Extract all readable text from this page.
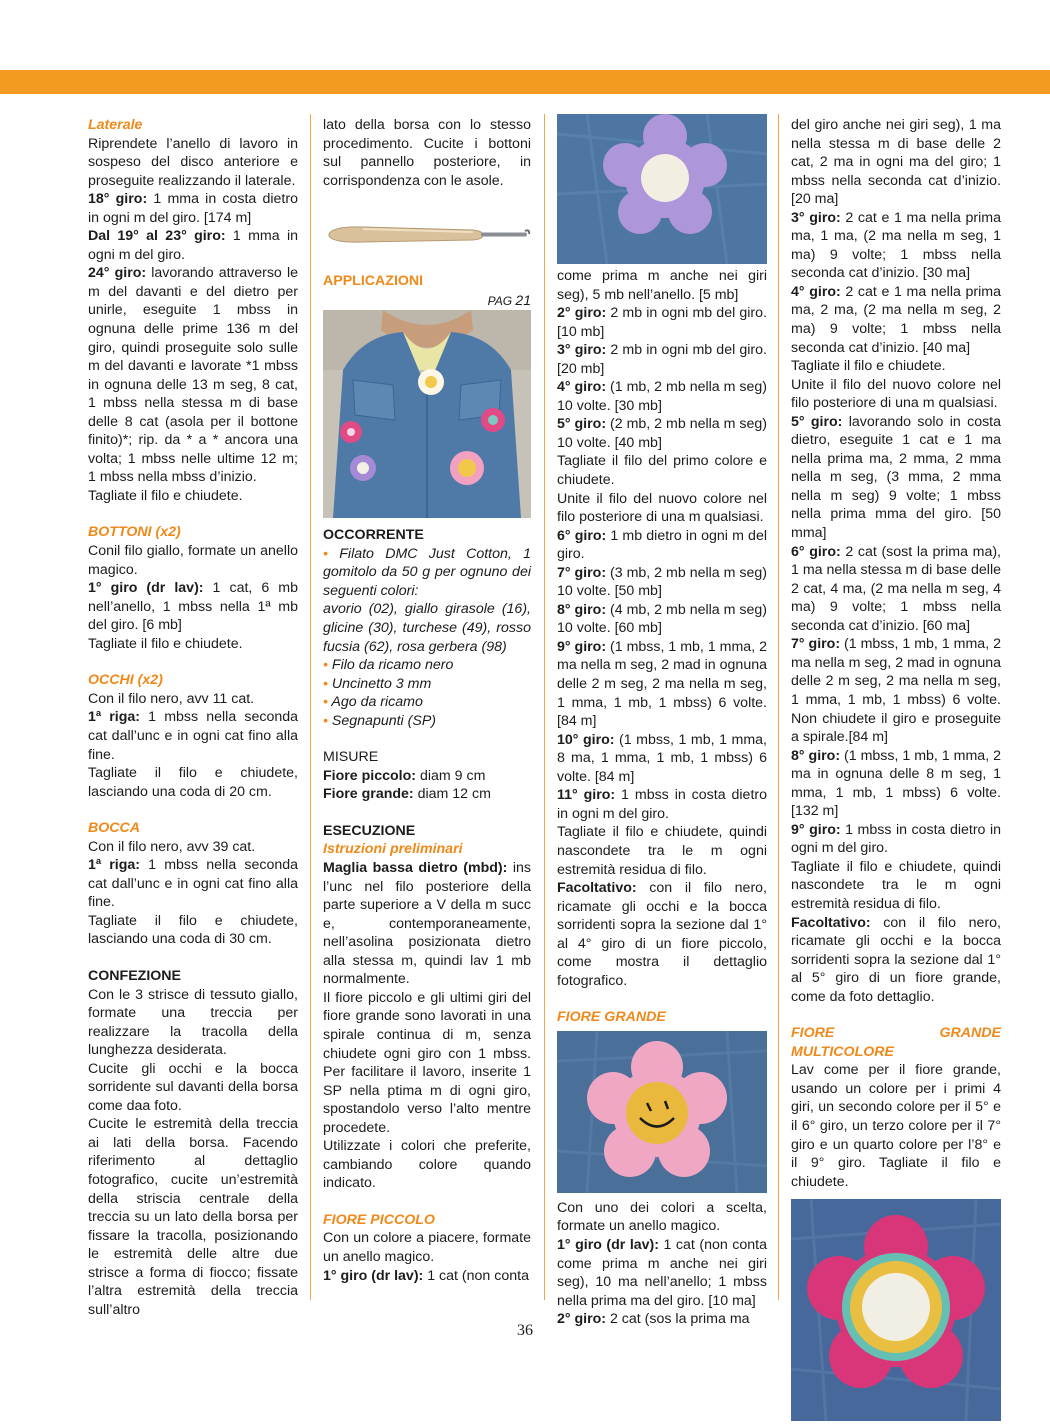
Laterale

Riprendete l’anello di lavoro in sospeso del disco anteriore e proseguite realizzando il laterale.

18° giro: 1 mma in costa dietro in ogni m del giro. [174 m]

Dal 19° al 23° giro: 1 mma in ogni m del giro.

24° giro: lavorando attraverso le m del davanti e del dietro per unirle, eseguite 1 mbss in ognuna delle prime 136 m del giro, quindi proseguite solo sulle m del davanti e lavorate *1 mbss in ognuna delle 13 m seg, 8 cat, 1 mbss nella stessa m di base delle 8 cat (asola per il bottone finito)*; rip. da * a * ancora una volta; 1 mbss nelle ultime 12 m; 1 mbss nella mbss d’inizio.

Tagliate il filo e chiudete.

BOTTONI (x2)

Conil filo giallo, formate un anello magico.

1° giro (dr lav): 1 cat, 6 mb nell’anello, 1 mbss nella 1ª mb del giro. [6 mb]

Tagliate il filo e chiudete.

OCCHI (x2)

Con il filo nero, avv 11 cat.

1ª riga: 1 mbss nella seconda cat dall’unc e in ogni cat fino alla fine.

Tagliate il filo e chiudete, lasciando una coda di 20 cm.

BOCCA

Con il filo nero, avv 39 cat.

1ª riga: 1 mbss nella seconda cat dall’unc e in ogni cat fino alla fine.

Tagliate il filo e chiudete, lasciando una coda di 30 cm.

CONFEZIONE

Con le 3 strisce di tessuto giallo, formate una treccia per realizzare la tracolla della lunghezza desiderata.

Cucite gli occhi e la bocca sorridente sul davanti della borsa come daa foto.

Cucite le estremità della treccia ai lati della borsa. Facendo riferimento al dettaglio fotografico, cucite un’estremità della striscia centrale della treccia su un lato della borsa per fissare la tracolla, posizionando le estremità delle altre due strisce a forma di fiocco; fissate l’altra estremità della treccia sull’altro

lato della borsa con lo stesso procedimento. Cucite i bottoni sul pannello posteriore, in corrispondenza con le asole.

APPLICAZIONI

PAG 21

OCCORRENTE

• Filato DMC Just Cotton, 1 gomitolo da 50 g per ognuno dei seguenti colori:

avorio (02), giallo girasole (16), glicine (30), turchese (49), rosso fucsia (62), rosa gerbera (98)

• Filo da ricamo nero

• Uncinetto 3 mm

• Ago da ricamo

• Segnapunti (SP)

MISURE

Fiore piccolo: diam 9 cm

Fiore grande: diam 12 cm

ESECUZIONE

Istruzioni preliminari

Maglia bassa dietro (mbd): ins l’unc nel filo posteriore della parte superiore a V della m succ e, contemporaneamente, nell’asolina posizionata dietro alla stessa m, quindi lav 1 mb normalmente.

Il fiore piccolo e gli ultimi giri del fiore grande sono lavorati in una spirale continua di m, senza chiudete ogni giro con 1 mbss. Per facilitare il lavoro, inserite 1 SP nella ptima m di ogni giro, spostandolo verso l’alto mentre procedete.

Utilizzate i colori che preferite, cambiando colore quando indicato.

FIORE PICCOLO

Con un colore a piacere, formate un anello magico.

1° giro (dr lav): 1 cat (non conta

come prima m anche nei giri seg), 5 mb nell’anello. [5 mb]

2° giro: 2 mb in ogni mb del giro. [10 mb]

3° giro: 2 mb in ogni mb del giro. [20 mb]

4° giro: (1 mb, 2 mb nella m seg) 10 volte. [30 mb]

5° giro: (2 mb, 2 mb nella m seg) 10 volte. [40 mb]

Tagliate il filo del primo colore e chiudete.

Unite il filo del nuovo colore nel filo posteriore di una m qualsiasi.

6° giro: 1 mb dietro in ogni m del giro.

7° giro: (3 mb, 2 mb nella m seg) 10 volte. [50 mb]

8° giro: (4 mb, 2 mb nella m seg) 10 volte. [60 mb]

9° giro: (1 mbss, 1 mb, 1 mma, 2 ma nella m seg, 2 mad in ognuna delle 2 m seg, 2 ma nella m seg, 1 mma, 1 mb, 1 mbss) 6 volte. [84 m]

10° giro: (1 mbss, 1 mb, 1 mma, 8 ma, 1 mma, 1 mb, 1 mbss) 6 volte. [84 m]

11° giro: 1 mbss in costa dietro in ogni m del giro.

Tagliate il filo e chiudete, quindi nascondete tra le m ogni estremità residua di filo.

Facoltativo: con il filo nero, ricamate gli occhi e la bocca sorridenti sopra la sezione dal 1° al 4° giro di un fiore piccolo, come mostra il dettaglio fotografico.

FIORE GRANDE

Con uno dei colori a scelta, formate un anello magico.

1° giro (dr lav): 1 cat (non conta come prima m anche nei giri seg), 10 ma nell’anello; 1 mbss nella prima ma del giro. [10 ma]

2° giro: 2 cat (sos la prima ma

del giro anche nei giri seg), 1 ma nella stessa m di base delle 2 cat, 2 ma in ogni ma del giro; 1 mbss nella seconda cat d’inizio. [20 ma]

3° giro: 2 cat e 1 ma nella prima ma, 1 ma, (2 ma nella m seg, 1 ma) 9 volte; 1 mbss nella seconda cat d’inizio. [30 ma]

4° giro: 2 cat e 1 ma nella prima ma, 2 ma, (2 ma nella m seg, 2 ma) 9 volte; 1 mbss nella seconda cat d’inizio. [40 ma]

Tagliate il filo e chiudete.

Unite il filo del nuovo colore nel filo posteriore di una m qualsiasi.

5° giro: lavorando solo in costa dietro, eseguite 1 cat e 1 ma nella prima ma, 2 mma, 2 mma nella m seg, (3 mma, 2 mma nella m seg) 9 volte; 1 mbss nella prima mma del giro. [50 mma]

6° giro: 2 cat (sost la prima ma), 1 ma nella stessa m di base delle 2 cat, 4 ma, (2 ma nella m seg, 4 ma) 9 volte; 1 mbss nella seconda cat d’inizio. [60 ma]

7° giro: (1 mbss, 1 mb, 1 mma, 2 ma nella m seg, 2 mad in ognuna delle 2 m seg, 2 ma nella m seg, 1 mma, 1 mb, 1 mbss) 6 volte. Non chiudete il giro e proseguite a spirale.[84 m]

8° giro: (1 mbss, 1 mb, 1 mma, 2 ma in ognuna delle 8 m seg, 1 mma, 1 mb, 1 mbss) 6 volte. [132 m]

9° giro: 1 mbss in costa dietro in ogni m del giro.

Tagliate il filo e chiudete, quindi nascondete tra le m ogni estremità residua di filo.

Facoltativo: con il filo nero, ricamate gli occhi e la bocca sorridenti sopra la sezione dal 1° al 5° giro di un fiore grande, come da foto dettaglio.

FIORE GRANDE MULTICOLORE

Lav come per il fiore grande, usando un colore per i primi 4 giri, un secondo colore per il 5° e il 6° giro, un terzo colore per il 7° giro e un quarto colore per l’8° e il 9° giro. Tagliate il filo e chiudete.

36
